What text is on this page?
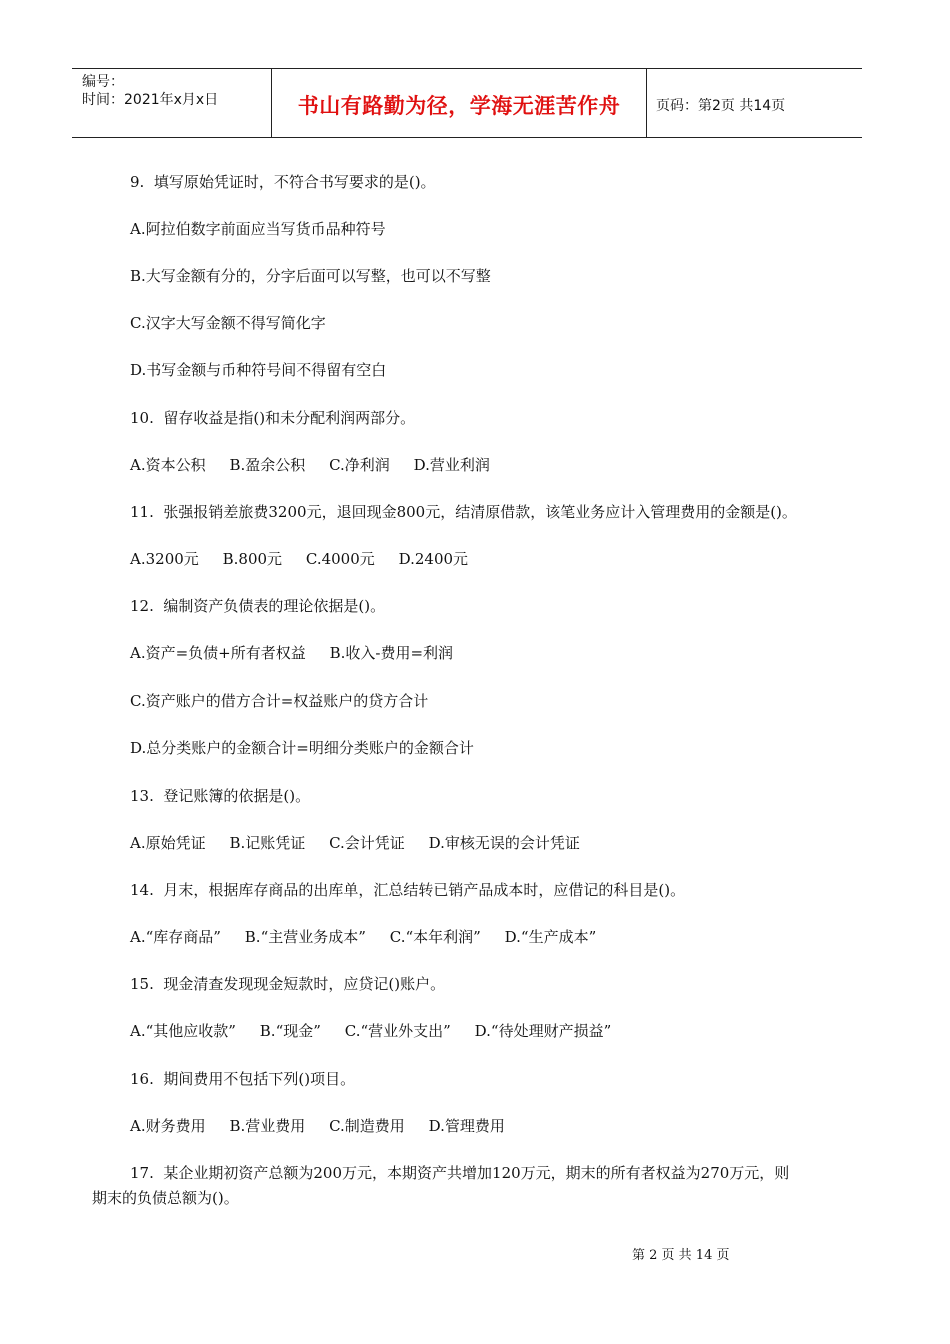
编号：
时间：2021年x月x日	书山有路勤为径，学海无涯苦作舟	页码：第2页 共14页
9.  填写原始凭证时，不符合书写要求的是()。
A.阿拉伯数字前面应当写货币品种符号
B.大写金额有分的，分字后面可以写整，也可以不写整
C.汉字大写金额不得写简化字
D.书写金额与币种符号间不得留有空白
10.  留存收益是指()和未分配利润两部分。
A.资本公积     B.盈余公积     C.净利润     D.营业利润
11.  张强报销差旅费3200元，退回现金800元，结清原借款，该笔业务应计入管理费用的金额是()。
A.3200元     B.800元     C.4000元     D.2400元
12.  编制资产负债表的理论依据是()。
A.资产=负债+所有者权益     B.收入-费用=利润
C.资产账户的借方合计=权益账户的贷方合计
D.总分类账户的金额合计=明细分类账户的金额合计
13.  登记账簿的依据是()。
A.原始凭证     B.记账凭证     C.会计凭证     D.审核无误的会计凭证
14.  月末，根据库存商品的出库单，汇总结转已销产品成本时，应借记的科目是()。
A.“库存商品”     B.“主营业务成本”     C.“本年利润”     D.“生产成本”
15.  现金清查发现现金短款时，应贷记()账户。
A.“其他应收款”     B.“现金”     C.“营业外支出”     D.“待处理财产损益”
16.  期间费用不包括下列()项目。
A.财务费用     B.营业费用     C.制造费用     D.管理费用
17.  某企业期初资产总额为200万元，本期资产共增加120万元，期末的所有者权益为270万元，则
期末的负债总额为()。
第 2 页 共 14 页
